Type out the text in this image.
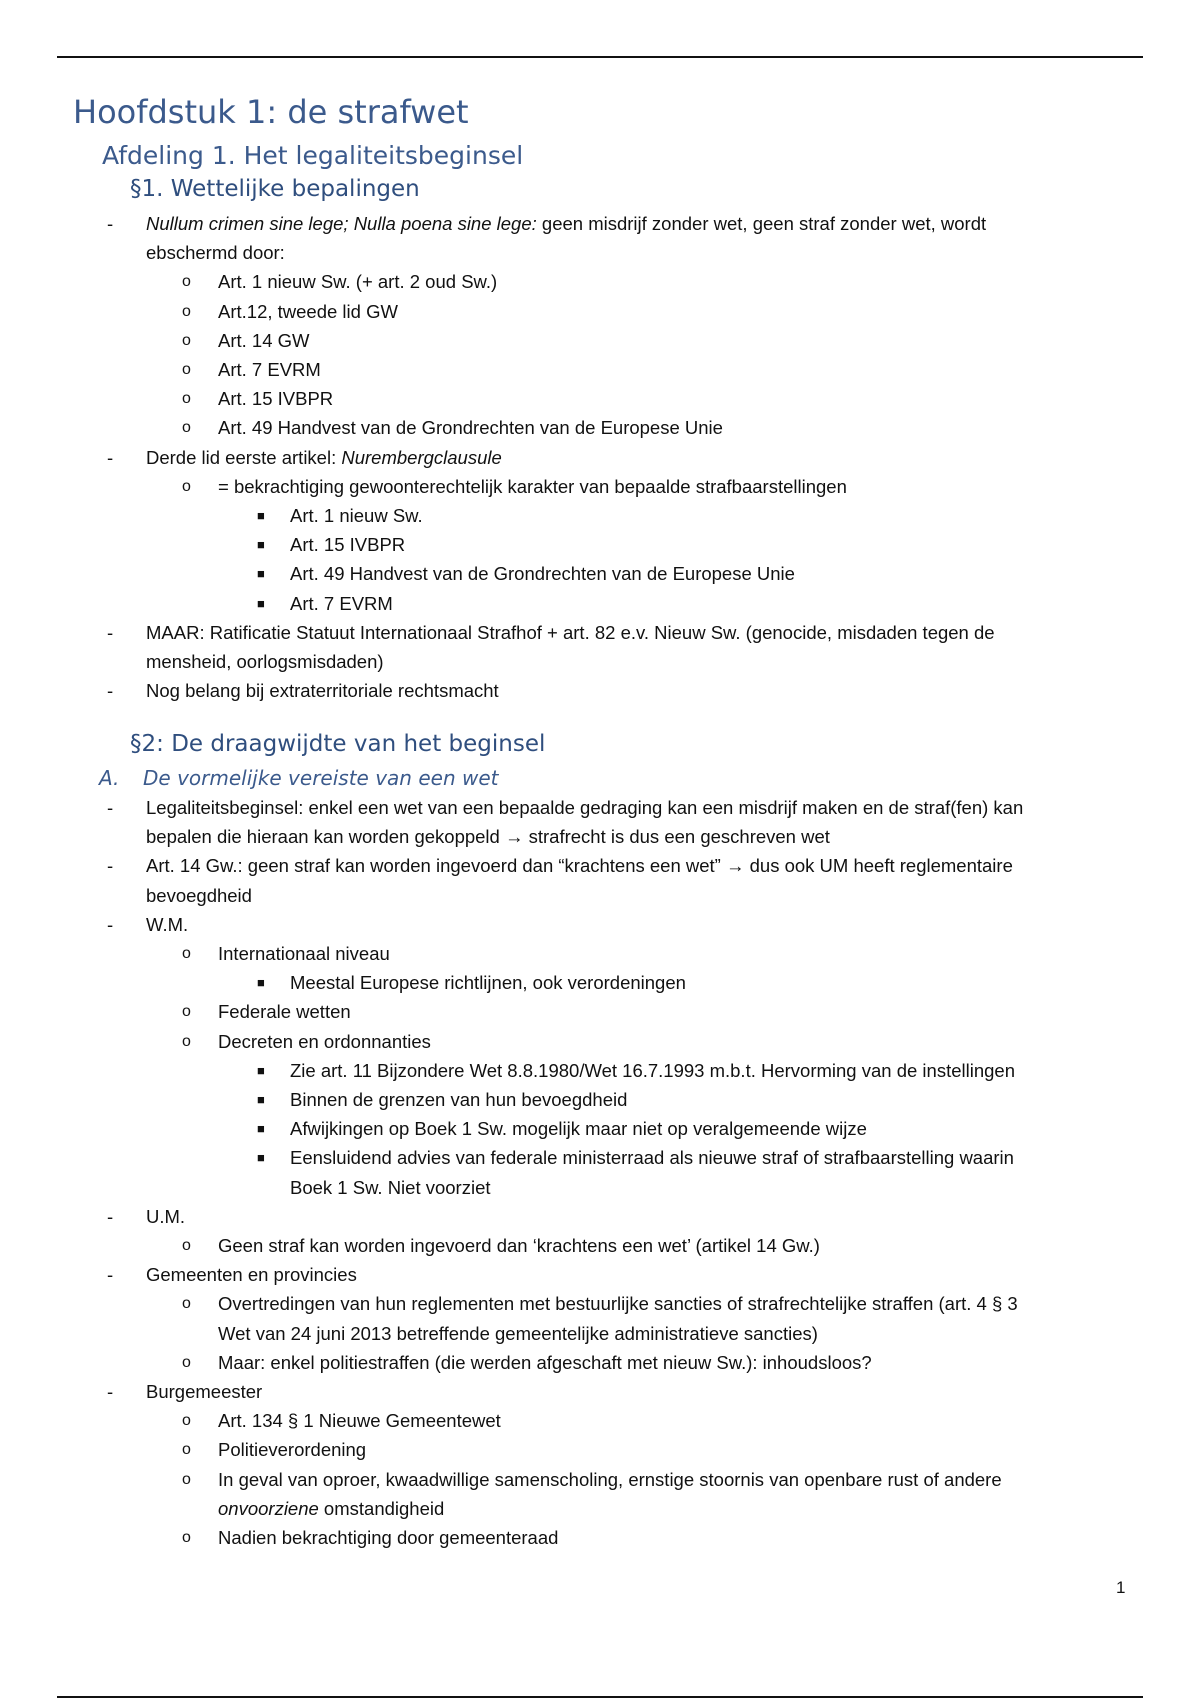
Hoofdstuk 1: de strafwet
Afdeling 1. Het legaliteitsbeginsel
§1. Wettelijke bepalingen
- Nullum crimen sine lege; Nulla poena sine lege: geen misdrijf zonder wet, geen straf zonder wet, wordt
ebschermd door:
o Art. 1 nieuw Sw. (+ art. 2 oud Sw.)
o Art.12, tweede lid GW
o Art. 14 GW
o Art. 7 EVRM
o Art. 15 IVBPR
o Art. 49 Handvest van de Grondrechten van de Europese Unie
- Derde lid eerste artikel: Nurembergclausule
o = bekrachtiging gewoonterechtelijk karakter van bepaalde strafbaarstellingen
■ Art. 1 nieuw Sw.
■ Art. 15 IVBPR
■ Art. 49 Handvest van de Grondrechten van de Europese Unie
■ Art. 7 EVRM
- MAAR: Ratificatie Statuut Internationaal Strafhof + art. 82 e.v. Nieuw Sw. (genocide, misdaden tegen de
mensheid, oorlogsmisdaden)
- Nog belang bij extraterritoriale rechtsmacht
§2: De draagwijdte van het beginsel
A. De vormelijke vereiste van een wet
- Legaliteitsbeginsel: enkel een wet van een bepaalde gedraging kan een misdrijf maken en de straf(fen) kan
bepalen die hieraan kan worden gekoppeld → strafrecht is dus een geschreven wet
- Art. 14 Gw.: geen straf kan worden ingevoerd dan “krachtens een wet” → dus ook UM heeft reglementaire
bevoegdheid
- W.M.
o Internationaal niveau
■ Meestal Europese richtlijnen, ook verordeningen
o Federale wetten
o Decreten en ordonnanties
■ Zie art. 11 Bijzondere Wet 8.8.1980/Wet 16.7.1993 m.b.t. Hervorming van de instellingen
■ Binnen de grenzen van hun bevoegdheid
■ Afwijkingen op Boek 1 Sw. mogelijk maar niet op veralgemeende wijze
■ Eensluidend advies van federale ministerraad als nieuwe straf of strafbaarstelling waarin
Boek 1 Sw. Niet voorziet
- U.M.
o Geen straf kan worden ingevoerd dan ‘krachtens een wet’ (artikel 14 Gw.)
- Gemeenten en provincies
o Overtredingen van hun reglementen met bestuurlijke sancties of strafrechtelijke straffen (art. 4 § 3
Wet van 24 juni 2013 betreffende gemeentelijke administratieve sancties)
o Maar: enkel politiestraffen (die werden afgeschaft met nieuw Sw.): inhoudsloos?
- Burgemeester
o Art. 134 § 1 Nieuwe Gemeentewet
o Politieverordening
o In geval van oproer, kwaadwillige samenscholing, ernstige stoornis van openbare rust of andere
onvoorziene omstandigheid
o Nadien bekrachtiging door gemeenteraad
1
